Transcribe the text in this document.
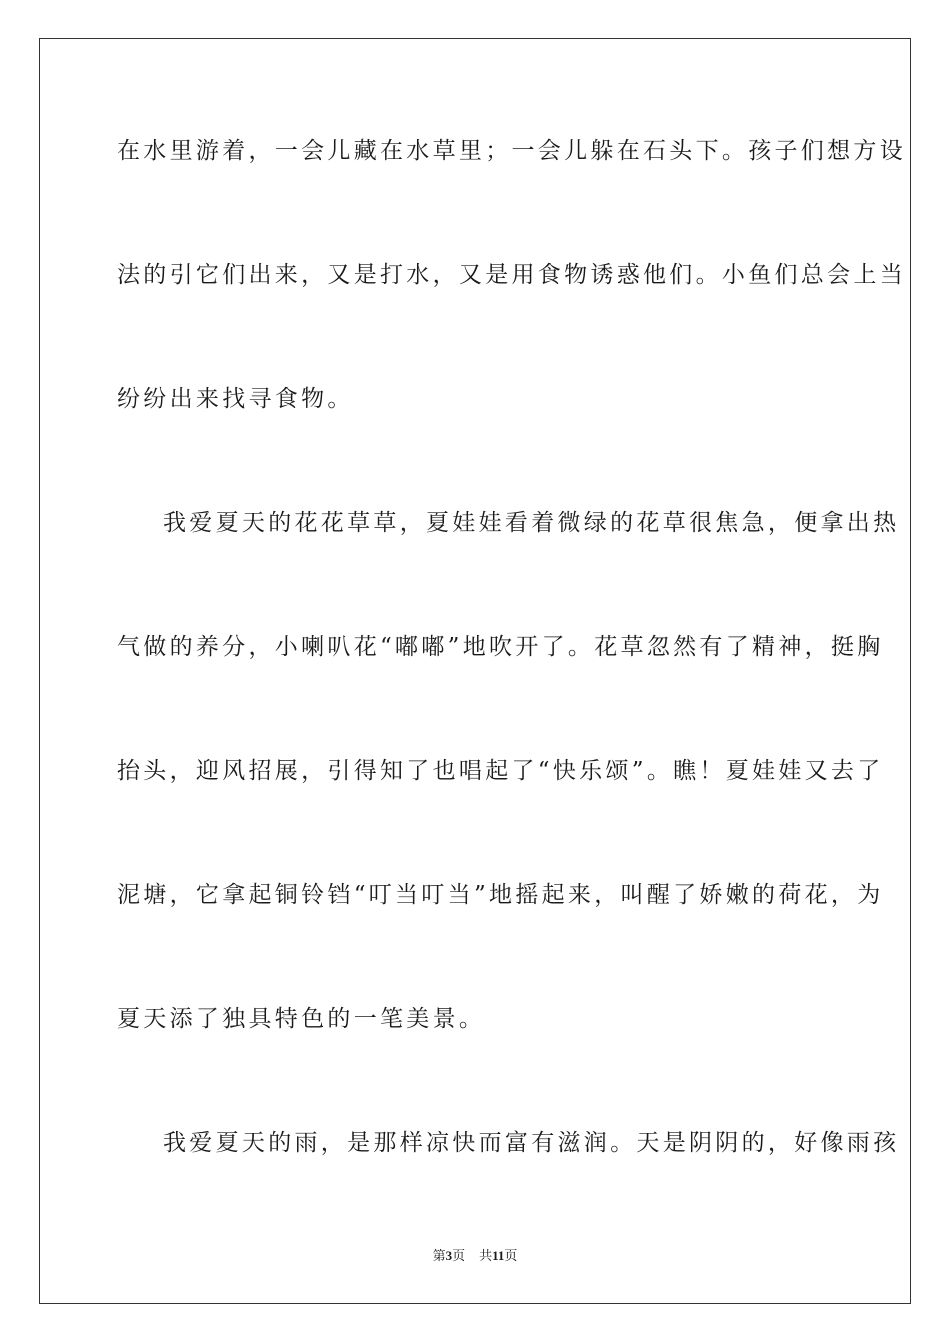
在水里游着，一会儿藏在水草里；一会儿躲在石头下。孩子们想方设
法的引它们出来，又是打水，又是用食物诱惑他们。小鱼们总会上当
纷纷出来找寻食物。
我爱夏天的花花草草，夏娃娃看着微绿的花草很焦急，便拿出热
气做的养分，小喇叭花“嘟嘟”地吹开了。花草忽然有了精神，挺胸
抬头，迎风招展，引得知了也唱起了“快乐颂”。瞧！夏娃娃又去了
泥塘，它拿起铜铃铛“叮当叮当”地摇起来，叫醒了娇嫩的荷花，为
夏天添了独具特色的一笔美景。
我爱夏天的雨，是那样凉快而富有滋润。天是阴阴的，好像雨孩
第3页 共11页
